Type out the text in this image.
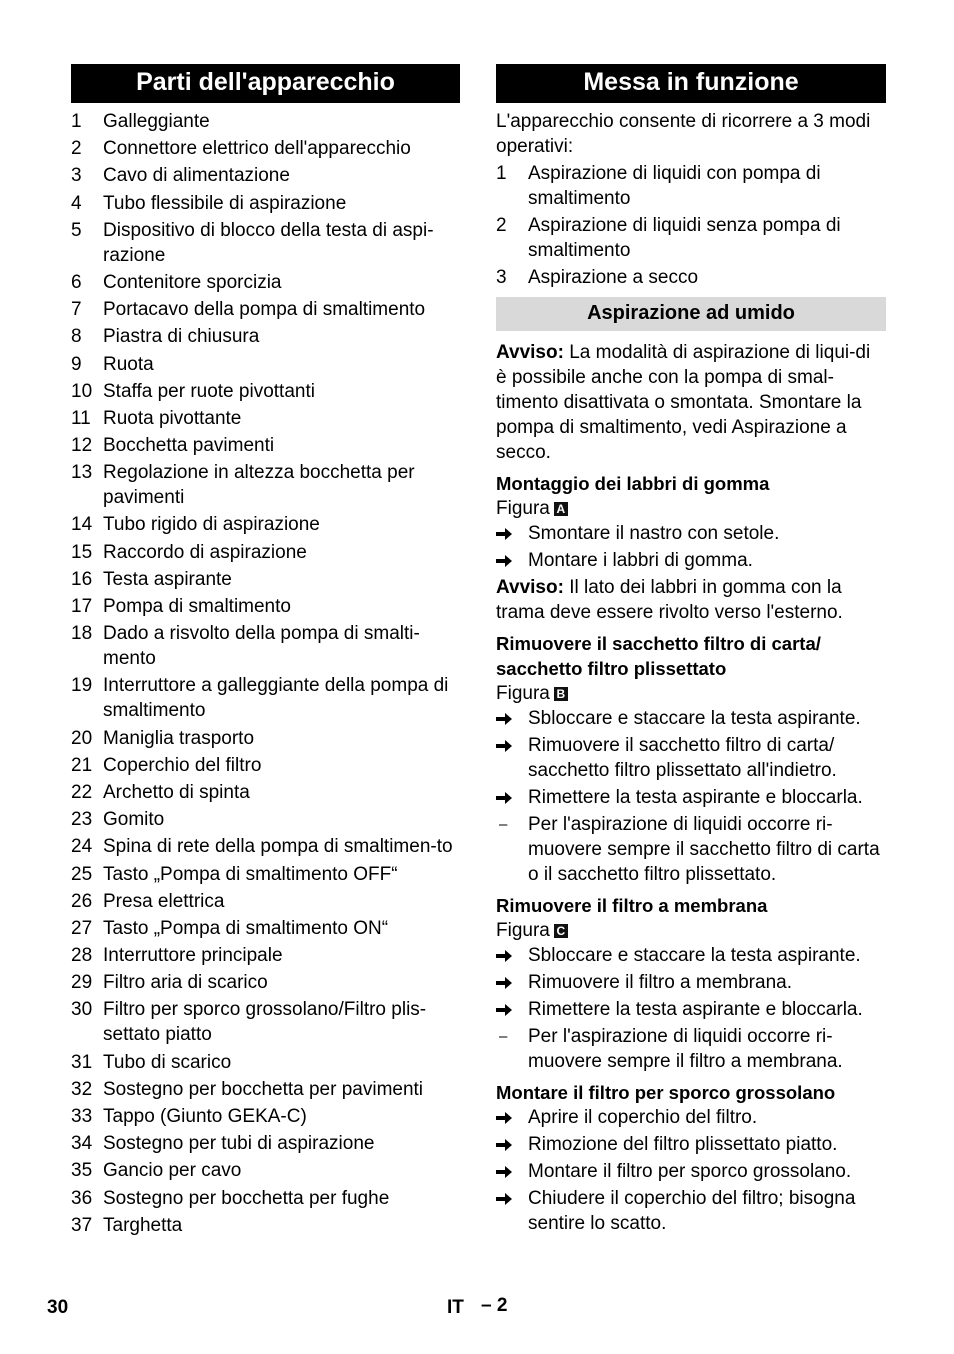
Parti dell'apparecchio
1	Galleggiante
2	Connettore elettrico dell'apparecchio
3	Cavo di alimentazione
4	Tubo flessibile di aspirazione
5	Dispositivo di blocco della testa di aspi-razione
6	Contenitore sporcizia
7	Portacavo della pompa di smaltimento
8	Piastra di chiusura
9	Ruota
10 Staffa per ruote pivottanti
11 Ruota pivottante
12 Bocchetta pavimenti
13 Regolazione in altezza bocchetta per pavimenti
14 Tubo rigido di aspirazione
15 Raccordo di aspirazione
16 Testa aspirante
17 Pompa di smaltimento
18 Dado a risvolto della pompa di smalti-mento
19 Interruttore a galleggiante della pompa di smaltimento
20 Maniglia trasporto
21 Coperchio del filtro
22 Archetto di spinta
23 Gomito
24 Spina di rete della pompa di smaltimen-to
25 Tasto „Pompa di smaltimento OFF“
26 Presa elettrica
27 Tasto „Pompa di smaltimento ON“
28 Interruttore principale
29 Filtro aria di scarico
30 Filtro per sporco grossolano/Filtro plis-settato piatto
31 Tubo di scarico
32 Sostegno per bocchetta per pavimenti
33 Tappo (Giunto GEKA-C)
34 Sostegno per tubi di aspirazione
35 Gancio per cavo
36 Sostegno per bocchetta per fughe
37 Targhetta
Messa in funzione
L'apparecchio consente di ricorrere a 3 modi operativi:
1	Aspirazione di liquidi con pompa di smaltimento
2	Aspirazione di liquidi senza pompa di smaltimento
3	Aspirazione a secco
Aspirazione ad umido
Avviso: La modalità di aspirazione di liqui-di è possibile anche con la pompa di smal-timento disattivata o smontata. Smontare la pompa di smaltimento, vedi Aspirazione a secco.
Montaggio dei labbri di gomma
Figura A
Smontare il nastro con setole.
Montare i labbri di gomma.
Avviso: Il lato dei labbri in gomma con la trama deve essere rivolto verso l'esterno.
Rimuovere il sacchetto filtro di carta/ sacchetto filtro plissettato
Figura B
Sbloccare e staccare la testa aspirante.
Rimuovere il sacchetto filtro di carta/ sacchetto filtro plissettato all'indietro.
Rimettere la testa aspirante e bloccarla.
–	Per l'aspirazione di liquidi occorre ri-muovere sempre il sacchetto filtro di carta o il sacchetto filtro plissettato.
Rimuovere il filtro a membrana
Figura C
Sbloccare e staccare la testa aspirante.
Rimuovere il filtro a membrana.
Rimettere la testa aspirante e bloccarla.
–	Per l'aspirazione di liquidi occorre ri-muovere sempre il filtro a membrana.
Montare il filtro per sporco grossolano
Aprire il coperchio del filtro.
Rimozione del filtro plissettato piatto.
Montare il filtro per sporco grossolano.
Chiudere il coperchio del filtro; bisogna sentire lo scatto.
30	IT – 2
